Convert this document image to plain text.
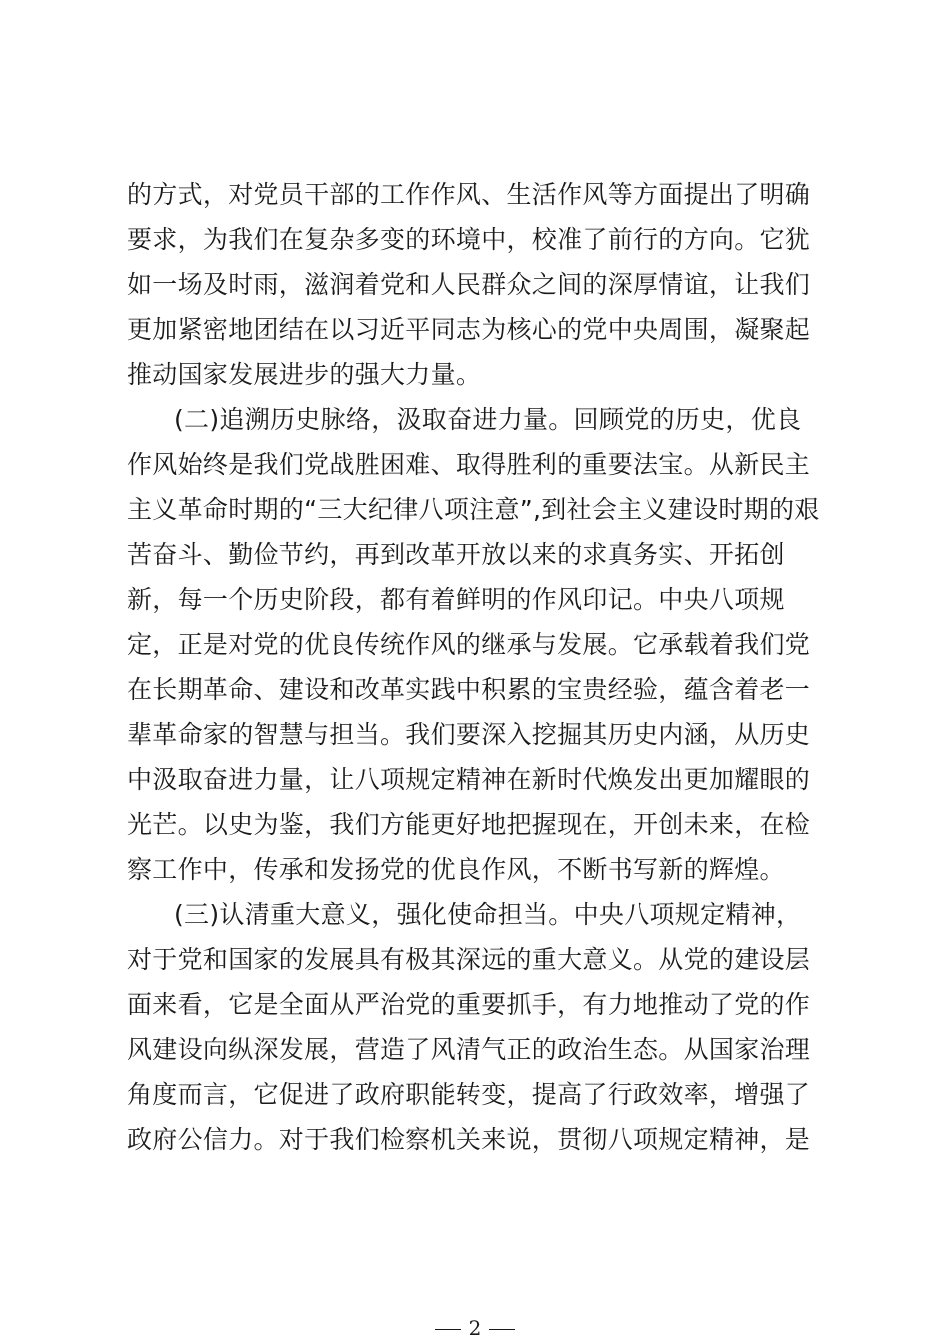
的方式，对党员干部的工作作风、生活作风等方面提出了明确
要求，为我们在复杂多变的环境中，校准了前行的方向。它犹
如一场及时雨，滋润着党和人民群众之间的深厚情谊，让我们
更加紧密地团结在以习近平同志为核心的党中央周围，凝聚起
推动国家发展进步的强大力量。
(二)追溯历史脉络，汲取奋进力量。回顾党的历史，优良
作风始终是我们党战胜困难、取得胜利的重要法宝。从新民主
主义革命时期的“三大纪律八项注意”,到社会主义建设时期的艰
苦奋斗、勤俭节约，再到改革开放以来的求真务实、开拓创
新，每一个历史阶段，都有着鲜明的作风印记。中央八项规
定，正是对党的优良传统作风的继承与发展。它承载着我们党
在长期革命、建设和改革实践中积累的宝贵经验，蕴含着老一
辈革命家的智慧与担当。我们要深入挖掘其历史内涵，从历史
中汲取奋进力量，让八项规定精神在新时代焕发出更加耀眼的
光芒。以史为鉴，我们方能更好地把握现在，开创未来，在检
察工作中，传承和发扬党的优良作风，不断书写新的辉煌。
(三)认清重大意义，强化使命担当。中央八项规定精神，
对于党和国家的发展具有极其深远的重大意义。从党的建设层
面来看，它是全面从严治党的重要抓手，有力地推动了党的作
风建设向纵深发展，营造了风清气正的政治生态。从国家治理
角度而言，它促进了政府职能转变，提高了行政效率，增强了
政府公信力。对于我们检察机关来说，贯彻八项规定精神，是
2
